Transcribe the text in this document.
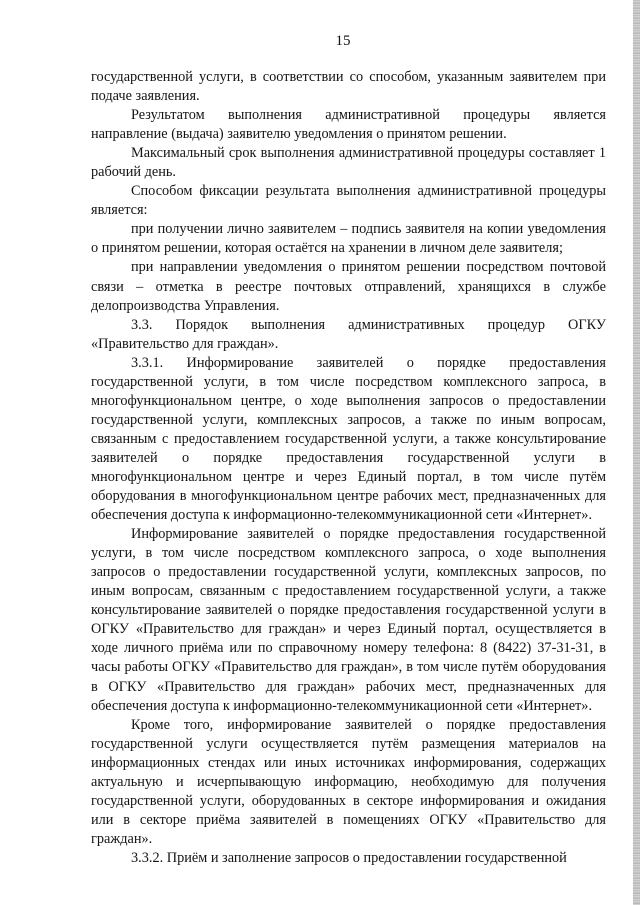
15

государственной услуги, в соответствии со способом, указанным заявителем при подаче заявления.

Результатом выполнения административной процедуры является направление (выдача) заявителю уведомления о принятом решении.

Максимальный срок выполнения административной процедуры составляет 1 рабочий день.

Способом фиксации результата выполнения административной процедуры является:

при получении лично заявителем – подпись заявителя на копии уведомления о принятом решении, которая остаётся на хранении в личном деле заявителя;

при направлении уведомления о принятом решении посредством почтовой связи – отметка в реестре почтовых отправлений, хранящихся в службе делопроизводства Управления.

3.3. Порядок выполнения административных процедур ОГКУ «Правительство для граждан».

3.3.1. Информирование заявителей о порядке предоставления государственной услуги, в том числе посредством комплексного запроса, в многофункциональном центре, о ходе выполнения запросов о предоставлении государственной услуги, комплексных запросов, а также по иным вопросам, связанным с предоставлением государственной услуги, а также консультирование заявителей о порядке предоставления государственной услуги в многофункциональном центре и через Единый портал, в том числе путём оборудования в многофункциональном центре рабочих мест, предназначенных для обеспечения доступа к информационно-телекоммуникационной сети «Интернет».

Информирование заявителей о порядке предоставления государственной услуги, в том числе посредством комплексного запроса, о ходе выполнения запросов о предоставлении государственной услуги, комплексных запросов, по иным вопросам, связанным с предоставлением государственной услуги, а также консультирование заявителей о порядке предоставления государственной услуги в ОГКУ «Правительство для граждан» и через Единый портал, осуществляется в ходе личного приёма или по справочному номеру телефона: 8 (8422) 37-31-31, в часы работы ОГКУ «Правительство для граждан», в том числе путём оборудования в ОГКУ «Правительство для граждан» рабочих мест, предназначенных для обеспечения доступа к информационно-телекоммуникационной сети «Интернет».

Кроме того, информирование заявителей о порядке предоставления государственной услуги осуществляется путём размещения материалов на информационных стендах или иных источниках информирования, содержащих актуальную и исчерпывающую информацию, необходимую для получения государственной услуги, оборудованных в секторе информирования и ожидания или в секторе приёма заявителей в помещениях ОГКУ «Правительство для граждан».

3.3.2. Приём и заполнение запросов о предоставлении государственной
